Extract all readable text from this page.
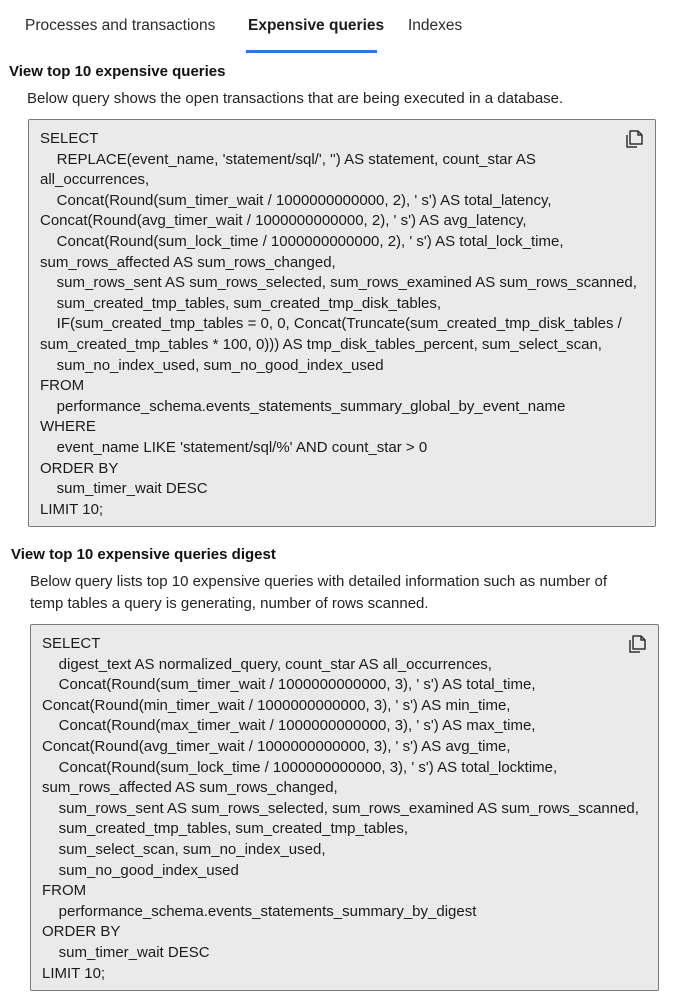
Processes and transactions Expensive queries Indexes
View top 10 expensive queries

Below query shows the open transactions that are being executed in a database.

SELECT
REPLACE(event_name, 'statement/sql/', '') AS statement, count_star AS
all_occurrences,
Concat(Round(sum_timer_wait / 1000000000000, 2), ' s') AS total_latency,
Concat(Round(avg_timer_wait / 1000000000000, 2), ' s') AS avg_latency,
Concat(Round(sum_lock_time / 1000000000000, 2), ' s') AS total_lock_time,
sum_rows_affected AS sum_rows_changed,
sum_rows_sent AS sum_rows_selected, sum_rows_examined AS sum_rows_scanned,
sum_created_tmp_tables, sum_created_tmp_disk_tables,
IF(sum_created_tmp_tables = 0, 0, Concat(Truncate(sum_created_tmp_disk_tables /
sum_created_tmp_tables * 100, 0))) AS tmp_disk_tables_percent, sum_select_scan,
sum_no_index_used, sum_no_good_index_used
FROM
performance_schema.events_statements_summary_global_by_event_name
WHERE
event_name LIKE 'statement/sql/%' AND count_star > 0
ORDER BY
sum_timer_wait DESC
LIMIT 10;
View top 10 expensive queries digest

Below query lists top 10 expensive queries with detailed information such as number of

temp tables a query is generating, number of rows scanned.

SELECT
digest_text AS normalized_query, count_star AS all_occurrences,
Concat(Round(sum_timer_wait / 1000000000000, 3), ' s') AS total_time,
Concat(Round(min_timer_wait / 1000000000000, 3), ' s') AS min_time,
Concat(Round(max_timer_wait / 1000000000000, 3), ' s') AS max_time,
Concat(Round(avg_timer_wait / 1000000000000, 3), ' s') AS avg_time,
Concat(Round(sum_lock_time / 1000000000000, 3), ' s') AS total_locktime,
sum_rows_affected AS sum_rows_changed,
sum_rows_sent AS sum_rows_selected, sum_rows_examined AS sum_rows_scanned,
sum_created_tmp_tables, sum_created_tmp_tables,
sum_select_scan, sum_no_index_used,
sum_no_good_index_used
FROM
performance_schema.events_statements_summary_by_digest
ORDER BY
sum_timer_wait DESC
LIMIT 10;
